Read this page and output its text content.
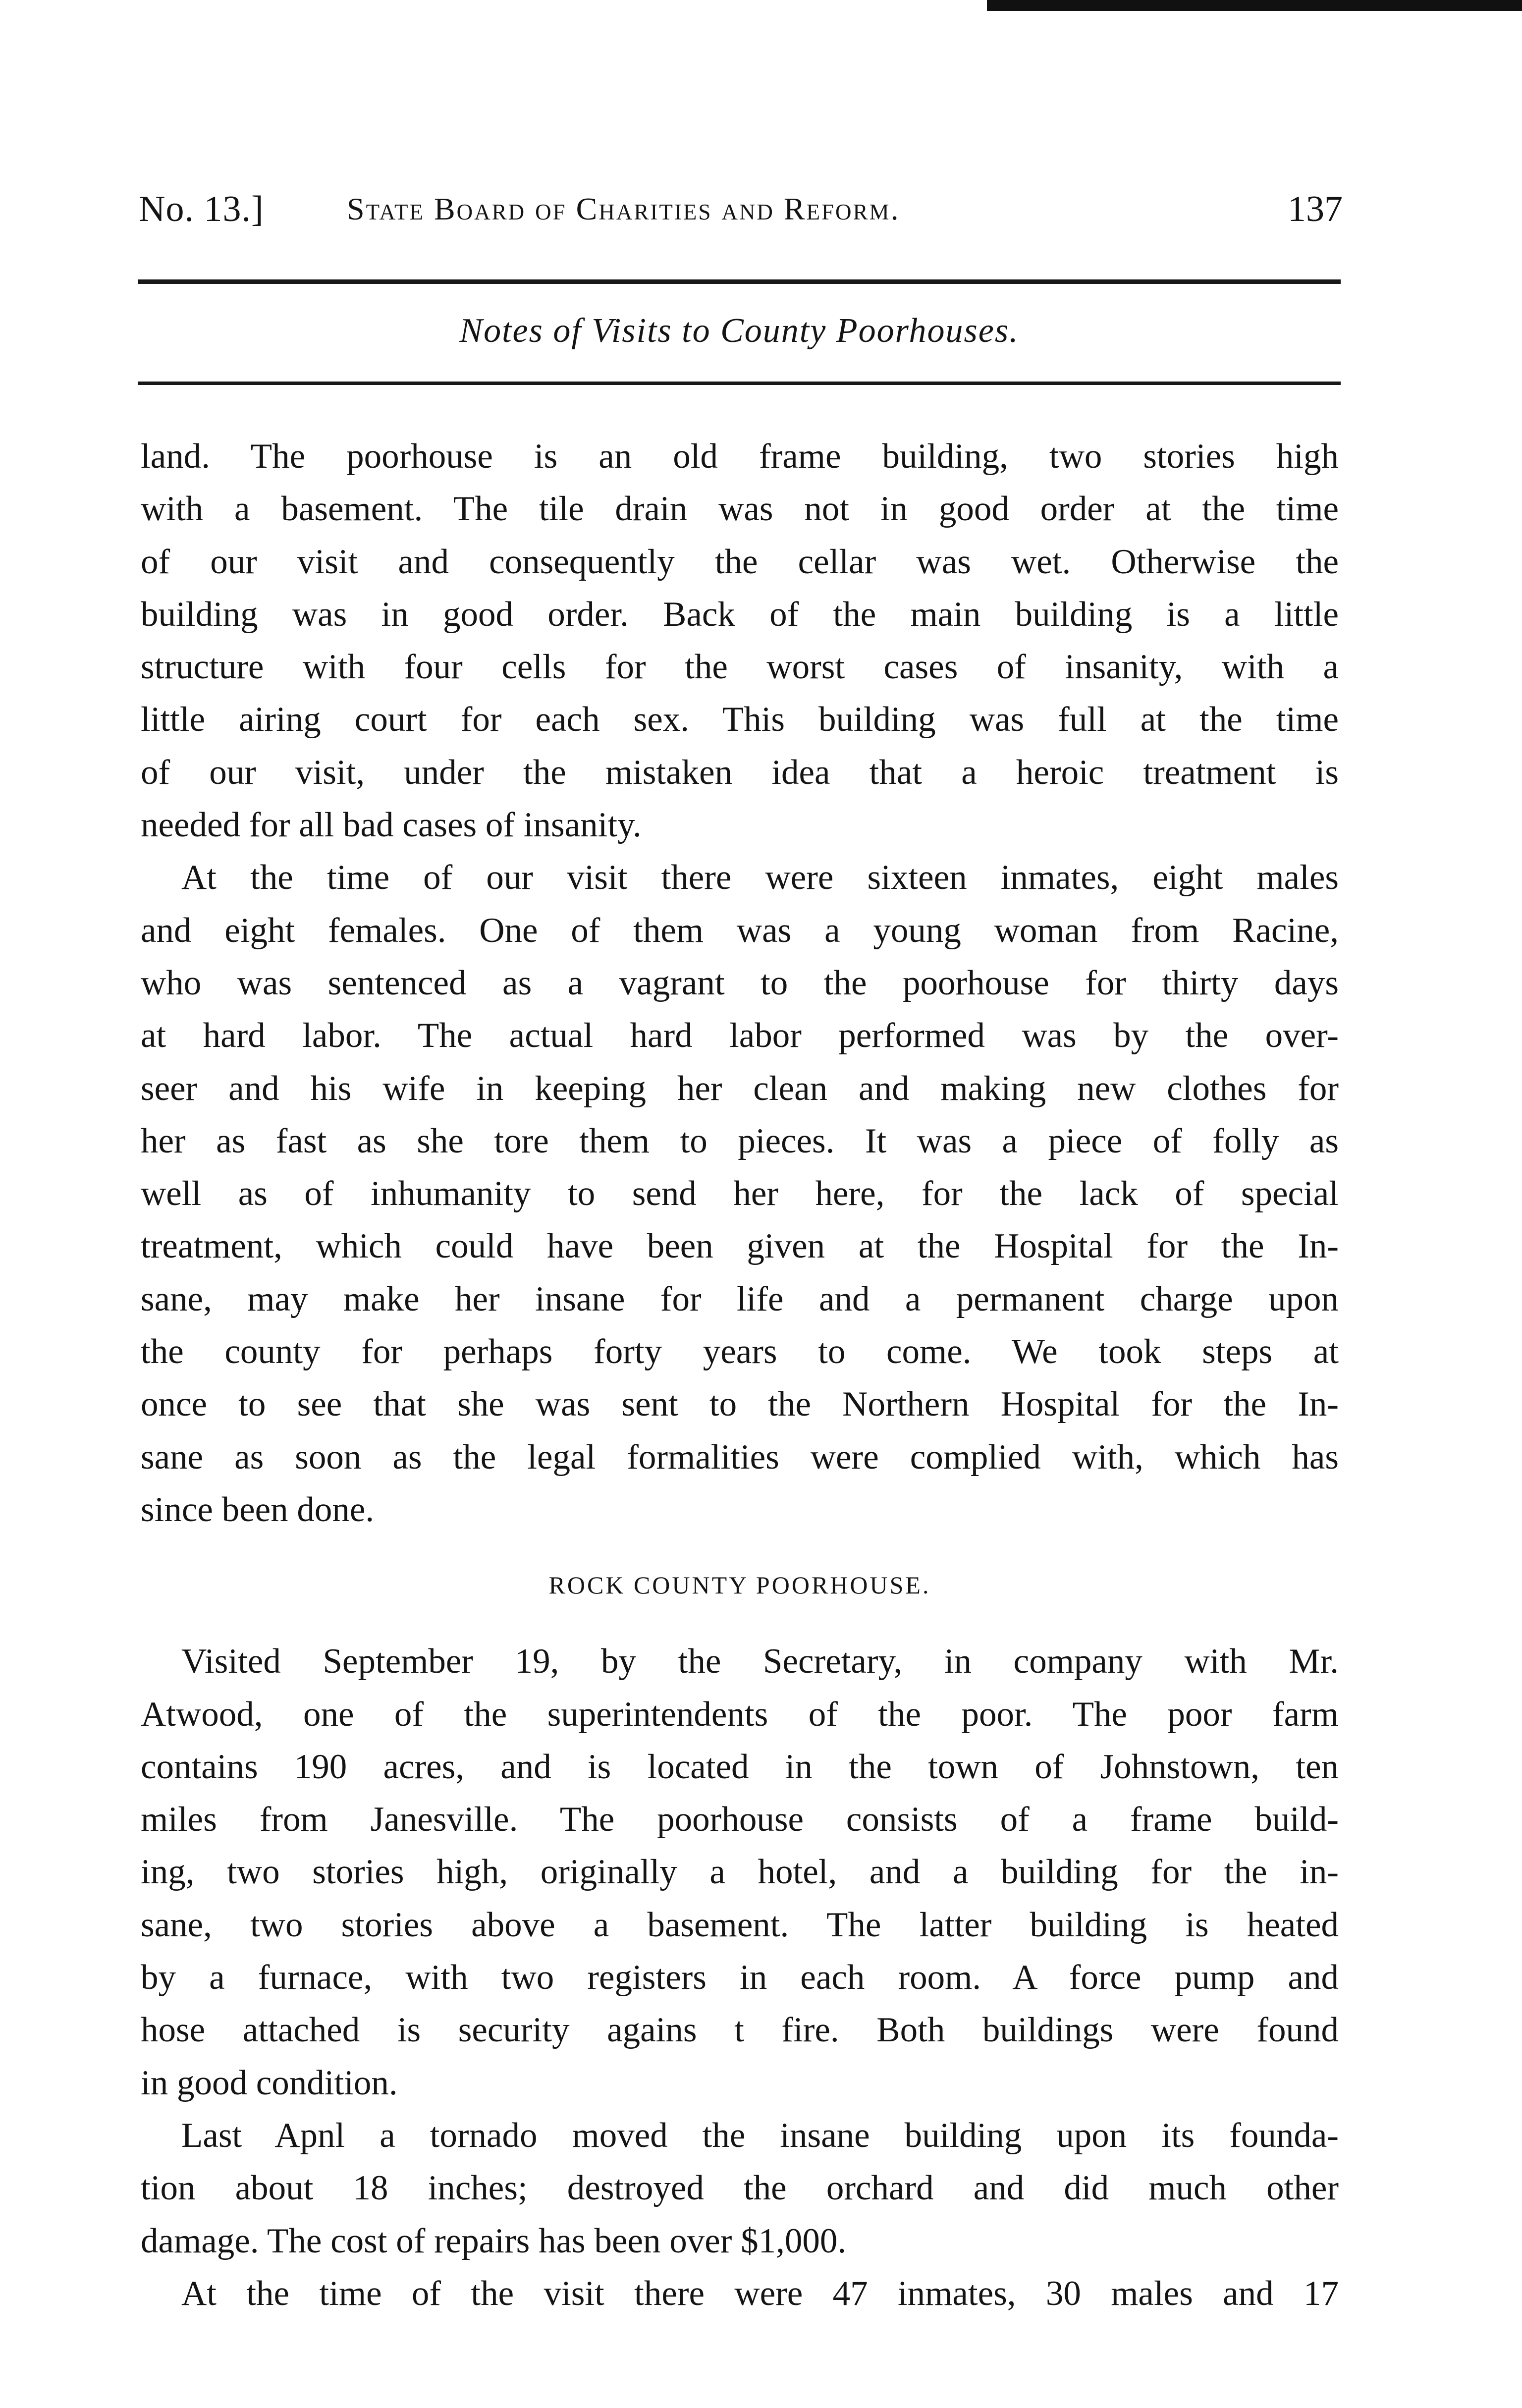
No. 13.]	State Board of Charities and Reform.	137
Notes of Visits to County Poorhouses.
land. The poorhouse is an old frame building, two stories high
with a basement. The tile drain was not in good order at the time
of our visit and consequently the cellar was wet. Otherwise the
building was in good order. Back of the main building is a little
structure with four cells for the worst cases of insanity, with a
little airing court for each sex. This building was full at the time
of our visit, under the mistaken idea that a heroic treatment is
needed for all bad cases of insanity.
At the time of our visit there were sixteen inmates, eight males
and eight females. One of them was a young woman from Racine,
who was sentenced as a vagrant to the poorhouse for thirty days
at hard labor. The actual hard labor performed was by the over-
seer and his wife in keeping her clean and making new clothes for
her as fast as she tore them to pieces. It was a piece of folly as
well as of inhumanity to send her here, for the lack of special
treatment, which could have been given at the Hospital for the In-
sane, may make her insane for life and a permanent charge upon
the county for perhaps forty years to come. We took steps at
once to see that she was sent to the Northern Hospital for the In-
sane as soon as the legal formalities were complied with, which has
since been done.
ROCK COUNTY POORHOUSE.
Visited September 19, by the Secretary, in company with Mr.
Atwood, one of the superintendents of the poor. The poor farm
contains 190 acres, and is located in the town of Johnstown, ten
miles from Janesville. The poorhouse consists of a frame build-
ing, two stories high, originally a hotel, and a building for the in-
sane, two stories above a basement. The latter building is heated
by a furnace, with two registers in each room. A force pump and
hose attached is security agains t fire. Both buildings were found
in good condition.
Last Apnl a tornado moved the insane building upon its founda-
tion about 18 inches; destroyed the orchard and did much other
damage. The cost of repairs has been over $1,000.
At the time of the visit there were 47 inmates, 30 males and 17
